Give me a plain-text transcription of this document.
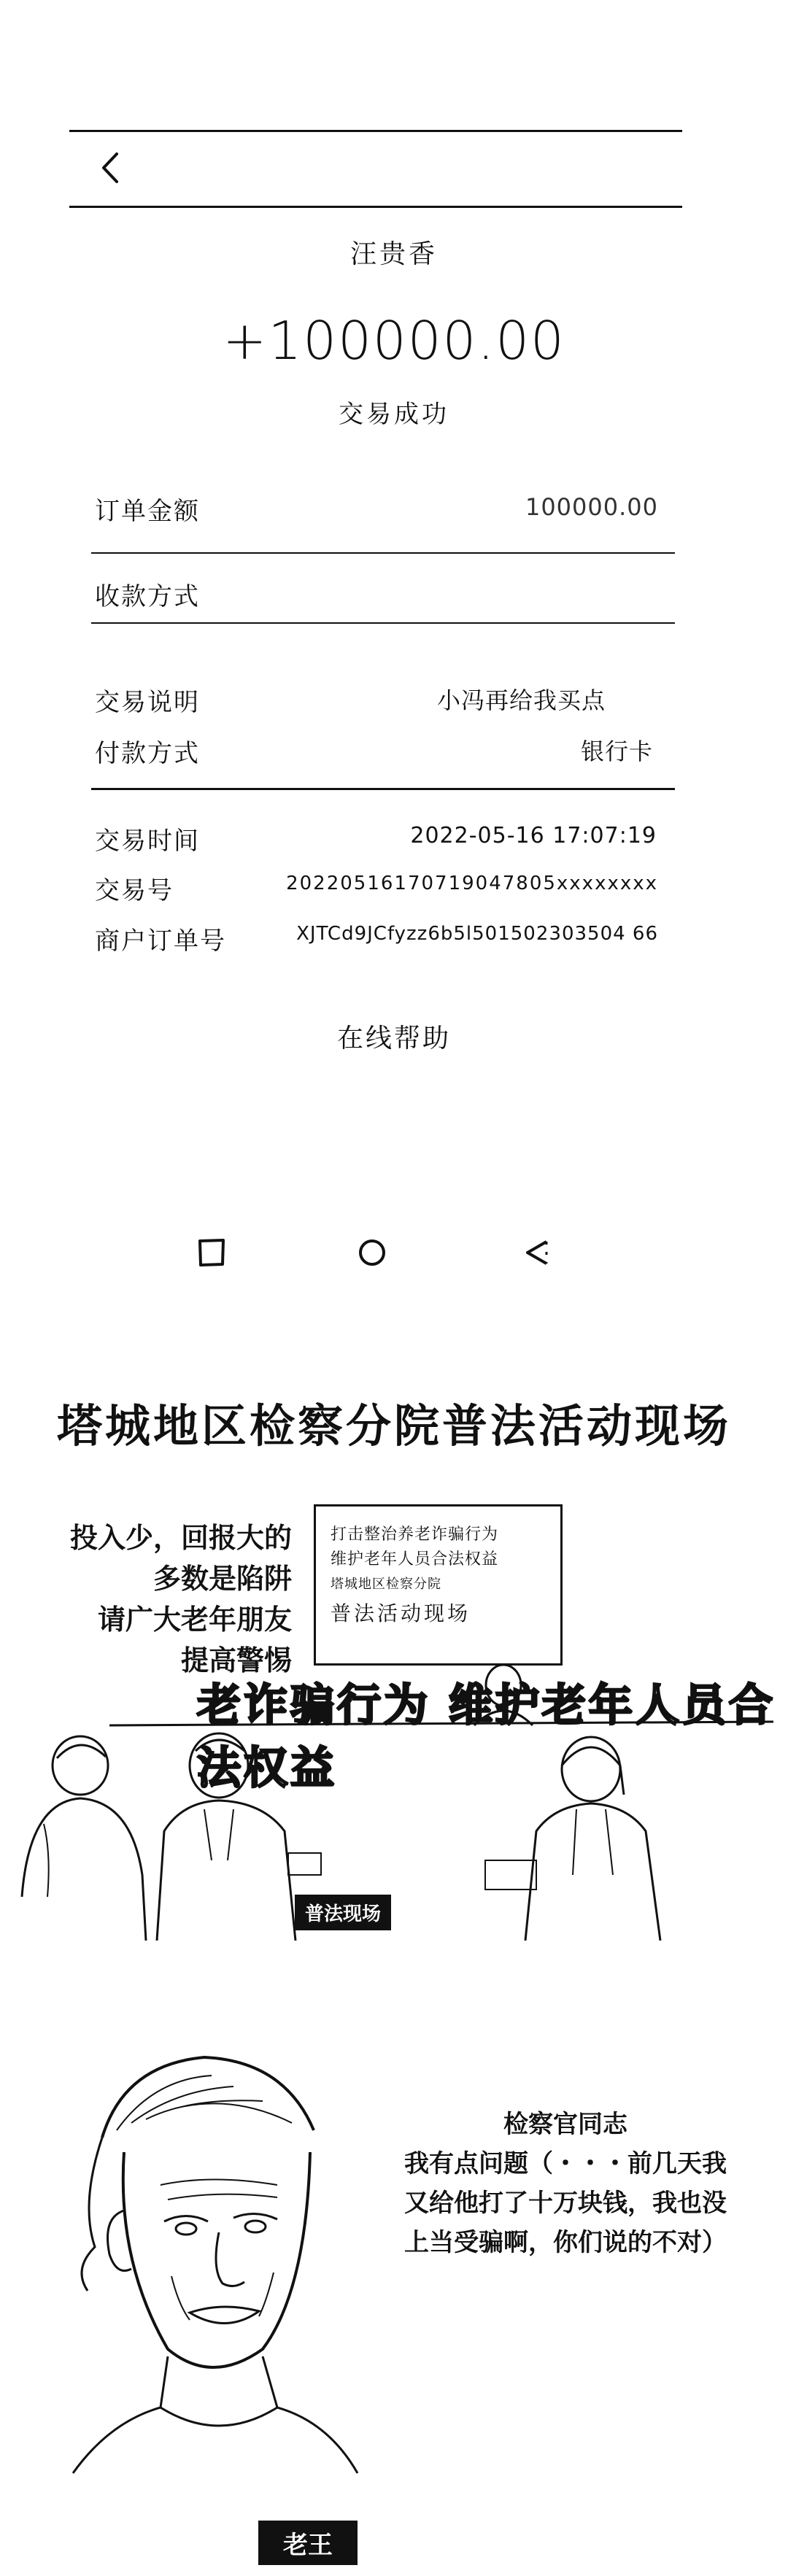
汪贵香
+100000.00
交易成功
订单金额	100000.00
收款方式
交易说明	小冯再给我买点
付款方式	银行卡
交易时间	2022-05-16 17:07:19
交易号	20220516170719047805xxxxxxxx
商户订单号	XJTCd9JCfyzz6b5l501502303504 66
在线帮助
塔城地区检察分院普法活动现场
投入少，回报大的
多数是陷阱
请广大老年朋友
提高警惕
打击整治养老诈骗行为
维护老年人员合法权益
塔城地区检察分院
普法活动现场
老诈骗行为 维护老年人员合法权益
普法现场
检察官同志
我有点问题（・・・前几天我
又给他打了十万块钱，我也没
上当受骗啊，你们说的不对）
老王
